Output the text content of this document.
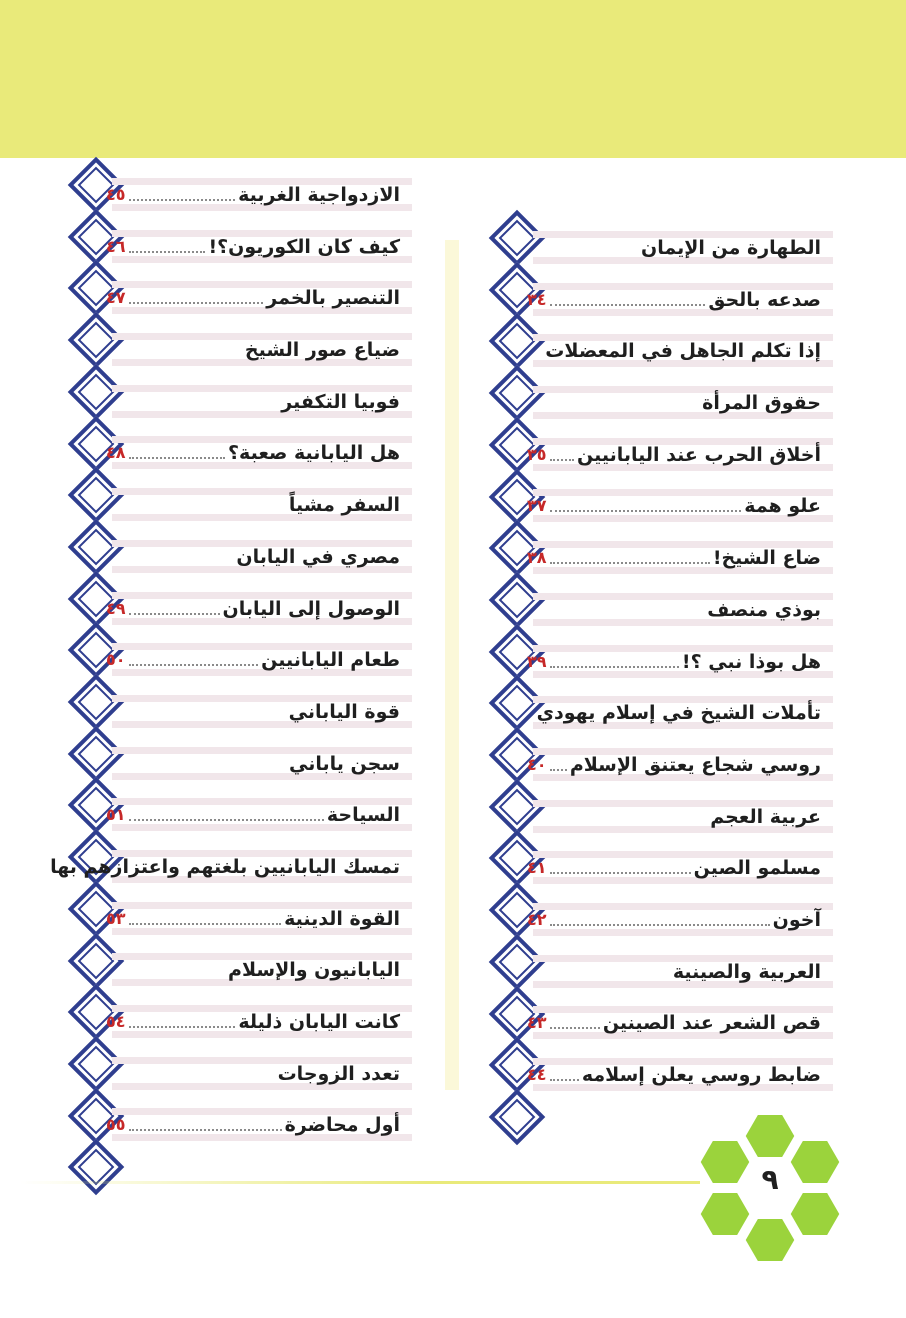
الطهارة من الإيمان
صدعه بالحق
٣٤
إذا تكلم الجاهل في المعضلات
حقوق المرأة
أخلاق الحرب عند اليابانيين
٣٥
علو همة
٣٧
ضاع الشيخ!
٣٨
بوذي منصف
هل بوذا نبي ؟!
٣٩
تأملات الشيخ في إسلام يهودي
روسي شجاع يعتنق الإسلام
٤٠
عربية العجم
مسلمو الصين
٤١
آخون
٤٢
العربية والصينية
قص الشعر عند الصينين
٤٣
ضابط روسي يعلن إسلامه
٤٤
الازدواجية الغربية
٤٥
كيف كان الكوريون؟!
٤٦
التنصير بالخمر
٤٧
ضياع صور الشيخ
فوبيا التكفير
هل اليابانية صعبة؟
٤٨
السفر مشياً
مصري في اليابان
الوصول إلى اليابان
٤٩
طعام اليابانيين
٥٠
قوة الياباني
سجن ياباني
السياحة
٥١
تمسك اليابانيين بلغتهم واعتزازهم بها
القوة الدينية
٥٣
اليابانيون والإسلام
كانت اليابان ذليلة
٥٤
تعدد الزوجات
أول محاضرة
٥٥
٩
